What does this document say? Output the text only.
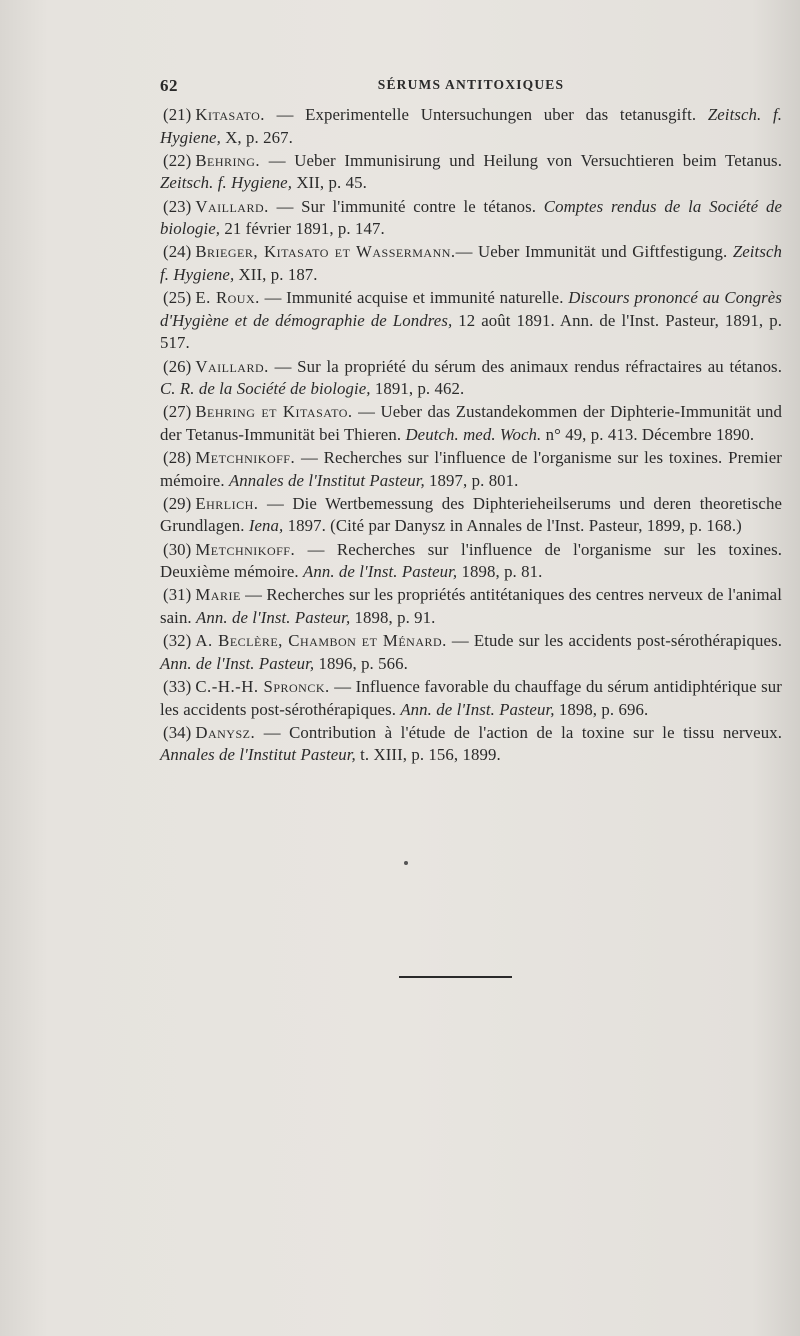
62	SÉRUMS ANTITOXIQUES

(21) Kitasato. — Experimentelle Untersuchungen uber das tetanusgift. Zeitsch. f. Hygiene, X, p. 267.

(22) Behring. — Ueber Immunisirung und Heilung von Versuchtieren beim Tetanus. Zeitsch. f. Hygiene, XII, p. 45.

(23) Vaillard. — Sur l'immunité contre le tétanos. Comptes rendus de la Société de biologie, 21 février 1891, p. 147.

(24) Brieger, Kitasato et Wassermann.— Ueber Immunität und Giftfestigung. Zeitsch f. Hygiene, XII, p. 187.

(25) E. Roux. — Immunité acquise et immunité naturelle. Discours prononcé au Congrès d'Hygiène et de démographie de Londres, 12 août 1891. Ann. de l'Inst. Pasteur, 1891, p. 517.

(26) Vaillard. — Sur la propriété du sérum des animaux rendus réfractaires au tétanos. C. R. de la Société de biologie, 1891, p. 462.

(27) Behring et Kitasato. — Ueber das Zustandekommen der Diphterie-Immunität und der Tetanus-Immunität bei Thieren. Deutch. med. Woch. n° 49, p. 413. Décembre 1890.

(28) Metchnikoff. — Recherches sur l'influence de l'organisme sur les toxines. Premier mémoire. Annales de l'Institut Pasteur, 1897, p. 801.

(29) Ehrlich. — Die Wertbemessung des Diphterieheilserums und deren theoretische Grundlagen. Iena, 1897. (Cité par Danysz in Annales de l'Inst. Pasteur, 1899, p. 168.)

(30) Metchnikoff. — Recherches sur l'influence de l'organisme sur les toxines. Deuxième mémoire. Ann. de l'Inst. Pasteur, 1898, p. 81.

(31) Marie — Recherches sur les propriétés antitétaniques des centres nerveux de l'animal sain. Ann. de l'Inst. Pasteur, 1898, p. 91.

(32) A. Beclère, Chambon et Ménard. — Etude sur les accidents post-sérothérapiques. Ann. de l'Inst. Pasteur, 1896, p. 566.

(33) C.-H.-H. Spronck. — Influence favorable du chauffage du sérum antidiphtérique sur les accidents post-sérothérapiques. Ann. de l'Inst. Pasteur, 1898, p. 696.

(34) Danysz. — Contribution à l'étude de l'action de la toxine sur le tissu nerveux. Annales de l'Institut Pasteur, t. XIII, p. 156, 1899.
